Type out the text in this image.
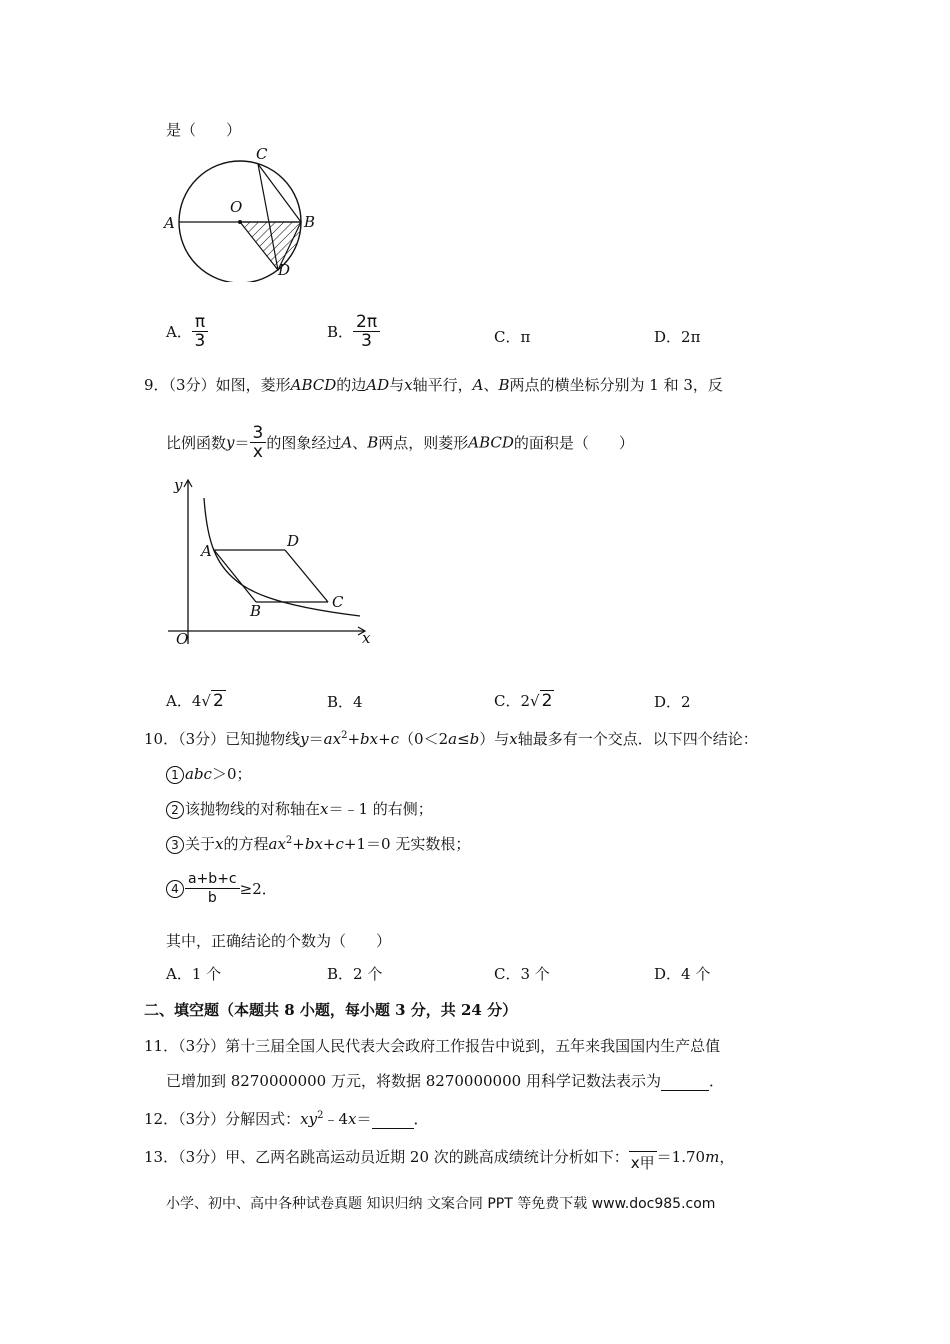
是（　　）
A	B
C
D
O
A． $\frac{\pi}{3}$	B． $\frac{2\pi}{3}$	C．π	D．2π
9．（3分）如图，菱形ABCD的边AD与x轴平行，A、B两点的横坐标分别为 1 和 3，反
比例函数$y= \frac{3}{x}$ 的图象经过A、B两点，则菱形ABCD的面积是（　　）
y
x
O
A
D
B	C
A．4√ 2	B．4	C．2√ 2	D．2
10．（3分）已知抛物线$y=ax^2+bx+c(0<2a\le b)$与x轴最多有一个交点．以下四个结论：
1 abc＞0；
2 该抛物线的对称轴在x＝﹣1 的右侧；
3 关于x的方程$ax^2+bx+c+1=0$ 无实数根；
$4 \frac{a+b+c}{b} \ge 2$．
其中，正确结论的个数为（　　）
A．1 个	B．2 个	C．3 个	D．4 个
二、填空题（本题共 8 小题，每小题 3 分，共 24 分）
11．（3分）第十三届全国人民代表大会政府工作报告中说到，五年来我国国内生产总值
已增加到 8270000000 万元，将数据 8270000000 用科学记数法表示为	．
12．（3分）分解因式：$xy^2﹣4x=$	．
13．（3分）甲、乙两名跳高运动员近期 20 次的跳高成绩统计分析如下： x甲 ＝1.70m，
小学、初中、高中各种试卷真题 知识归纳 文案合同 PPT 等免费下载 www.doc985.com
